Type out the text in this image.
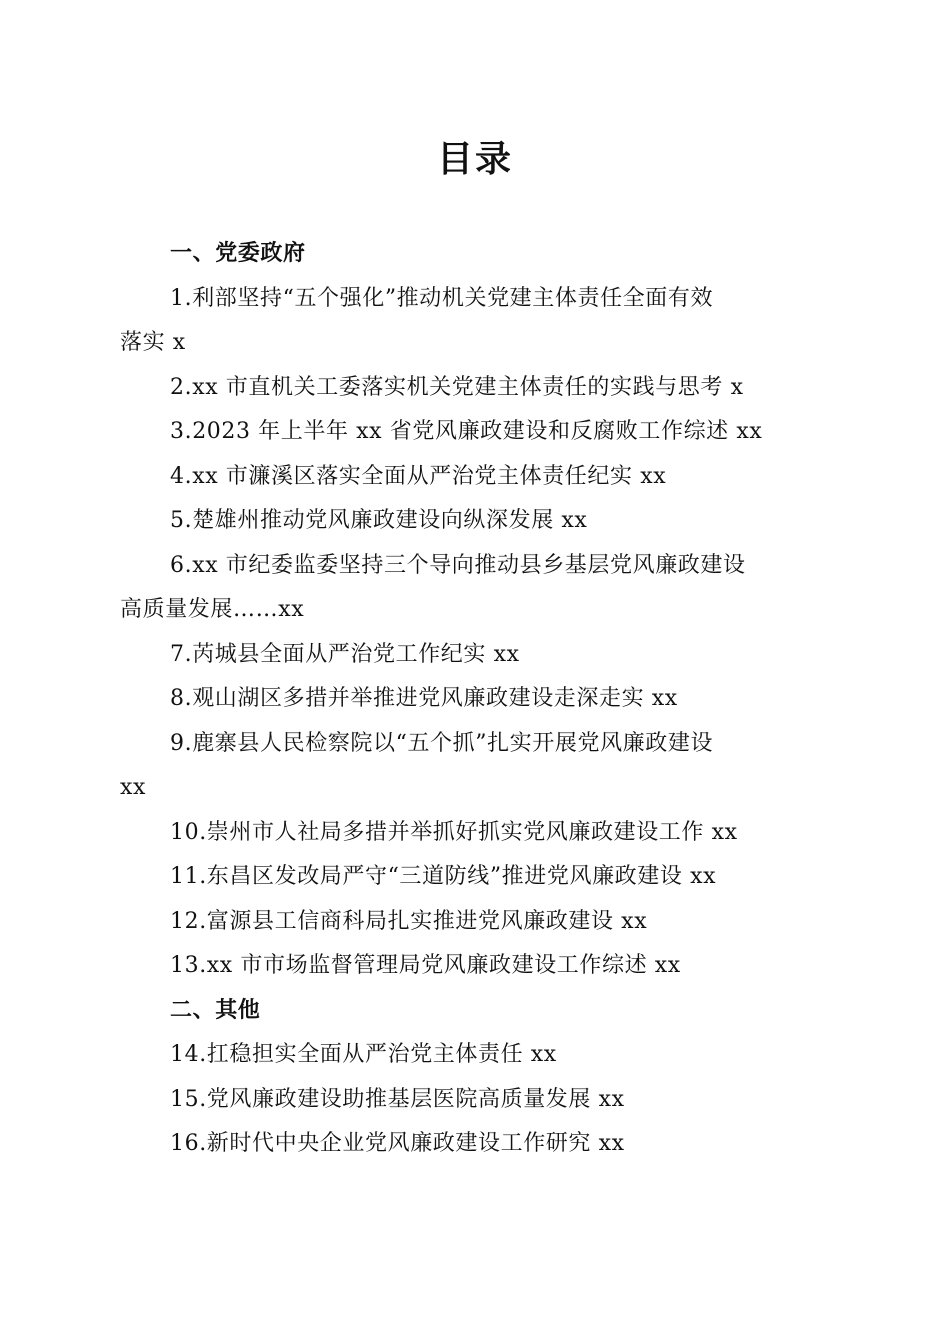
目录
一、党委政府
1.利部坚持“五个强化”推动机关党建主体责任全面有效
落实 x
2.xx 市直机关工委落实机关党建主体责任的实践与思考 x
3.2023 年上半年 xx 省党风廉政建设和反腐败工作综述 xx
4.xx 市濂溪区落实全面从严治党主体责任纪实 xx
5.楚雄州推动党风廉政建设向纵深发展 xx
6.xx 市纪委监委坚持三个导向推动县乡基层党风廉政建设
高质量发展……xx
7.芮城县全面从严治党工作纪实 xx
8.观山湖区多措并举推进党风廉政建设走深走实 xx
9.鹿寨县人民检察院以“五个抓”扎实开展党风廉政建设
xx
10.崇州市人社局多措并举抓好抓实党风廉政建设工作 xx
11.东昌区发改局严守“三道防线”推进党风廉政建设 xx
12.富源县工信商科局扎实推进党风廉政建设 xx
13.xx 市市场监督管理局党风廉政建设工作综述 xx
二、其他
14.扛稳担实全面从严治党主体责任 xx
15.党风廉政建设助推基层医院高质量发展 xx
16.新时代中央企业党风廉政建设工作研究 xx
